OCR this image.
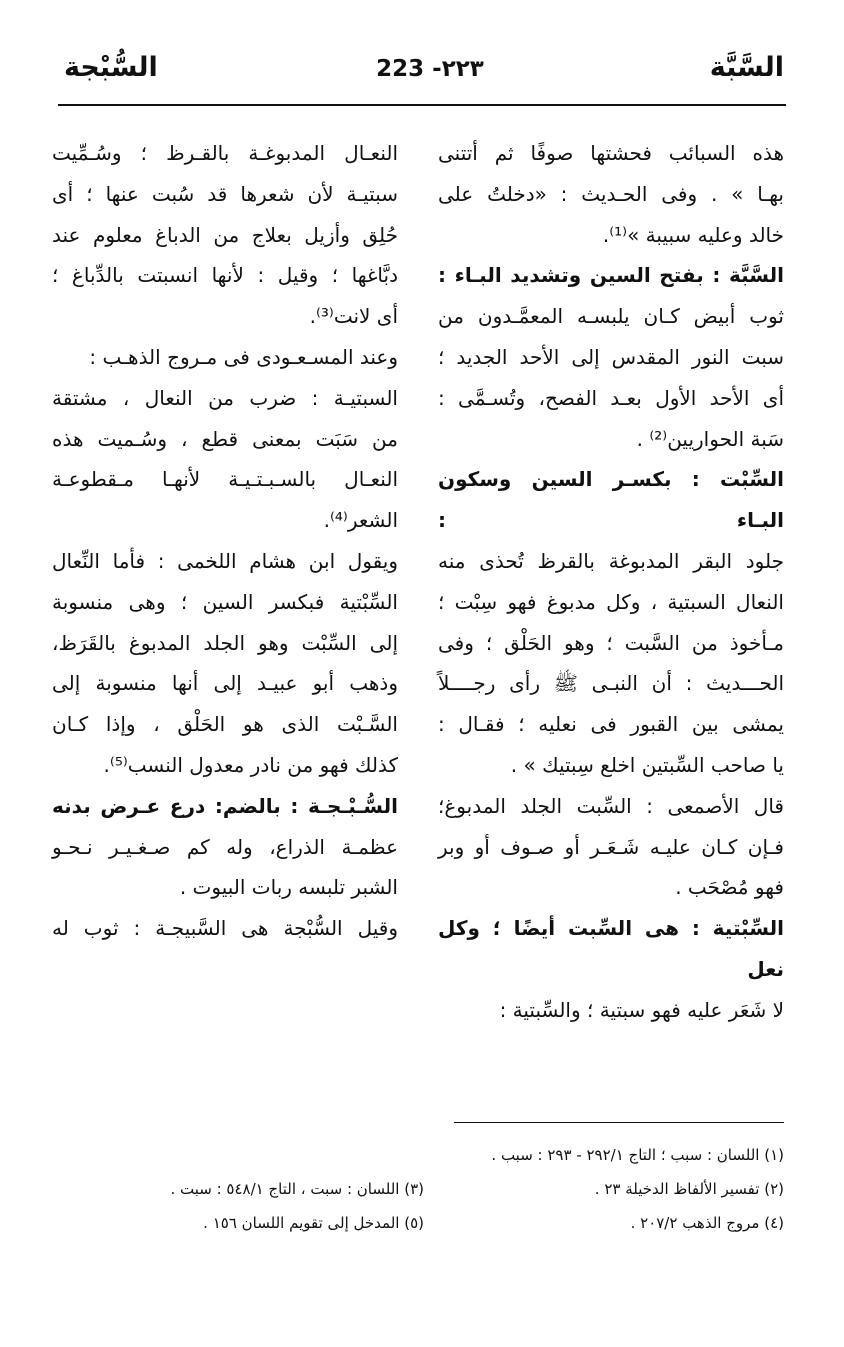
السَّبَّة
223 -٢٢٣
السُّبْجة

هذه السبائب فحشتها صوفًا ثم أتتنى

بهـا » . وفى الحـديث : «دخلتُ على

خالد وعليه سبيبة »⁽¹⁾.

السَّبَّة : بفتح السين وتشديد البـاء :

ثوب أبيض كـان يلبسـه المعمَّـدون من

سبت النور المقدس إلى الأحد الجديد ؛

أى الأحد الأول بعـد الفصح، وتُسـمَّى :

سَبة الحواريين⁽²⁾ .

السِّبْت : بكسـر السين وسكون البـاء :

جلود البقر المدبوغة بالقرظ تُحذى منه

النعال السبتية ، وكل مدبوغ فهو سِبْت ؛

مـأخوذ من السَّبت ؛ وهو الحَلْق ؛ وفى

الحـــديث : أن النبـى ﷺ رأى رجــــلاً

يمشى بين القبور فى نعليه ؛ فقـال :

يا صاحب السِّبتين اخلع سِبتيك » .

قال الأصمعى : السِّبت الجلد المدبوغ؛

فـإن كـان عليـه شَـعَـر أو صـوف أو وبر

فهو مُصْحَب .

السِّبْتية : هى السِّبت أيضًا ؛ وكل نعل

لا شَعَر عليه فهو سبتية ؛ والسِّبتية :

النعـال المدبوغـة بالقـرظ ؛ وسُـمِّيت

سبتيـة لأن شعرها قد سُبت عنها ؛ أى

حُلِق وأزيل بعلاج من الدباغ معلوم عند

دبَّاغها ؛ وقيل : لأنها انسبتت بالدِّباغ ؛

أى لانت⁽³⁾.

وعند المسـعـودى فى مـروج الذهـب :

السبتيـة : ضرب من النعال ، مشتقة

من سَبَت بمعنى قطع ، وسُـميت هذه

النعـال بالسـبـتـيـة لأنهـا مـقطوعـة

الشعر⁽⁴⁾.

ويقول ابن هشام اللخمى : فأما النِّعال

السِّبْتية فبكسر السين ؛ وهى منسوبة

إلى السِّبْت وهو الجلد المدبوغ بالقَرَظ،

وذهب أبو عبيـد إلى أنها منسوبة إلى

السَّـبْت الذى هو الحَلْق ، وإذا كـان

كذلك فهو من نادر معدول النسب⁽⁵⁾.

السُّـبْـجـة : بالضم: درع عـرض بدنه

عظمـة الذراع، وله كم صـغـيـر نـحـو

الشبر تلبسه ربات البيوت .

وقيل السُّبْجة هى السَّبيجـة : ثوب له

(١) اللسان : سبب ؛ التاج ٢٩٢/١ - ٢٩٣ : سبب .
(٢) تفسير الألفاظ الدخيلة ٢٣ .
(٣) اللسان : سبت ، التاج ٥٤٨/١ : سبت .
(٤) مروج الذهب ٢٠٧/٢ .
(٥) المدخل إلى تقويم اللسان ١٥٦ .
